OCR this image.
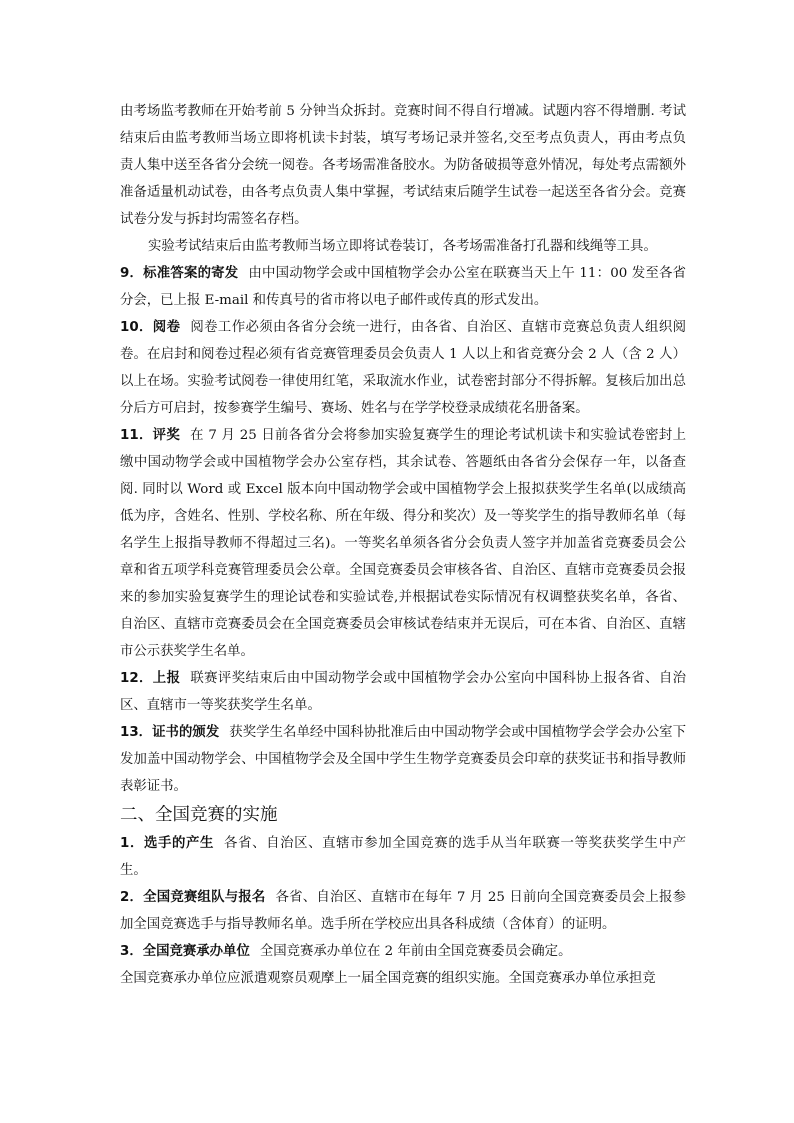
由考场监考教师在开始考前 5 分钟当众拆封。竞赛时间不得自行增减。试题内容不得增删. 考试结束后由监考教师当场立即将机读卡封装，填写考场记录并签名,交至考点负责人，再由考点负责人集中送至各省分会统一阅卷。各考场需准备胶水。为防备破损等意外情况，每处考点需额外准备适量机动试卷，由各考点负责人集中掌握，考试结束后随学生试卷一起送至各省分会。竞赛试卷分发与拆封均需签名存档。

实验考试结束后由监考教师当场立即将试卷装订，各考场需准备打孔器和线绳等工具。

9．标准答案的寄发 由中国动物学会或中国植物学会办公室在联赛当天上午 11：00 发至各省分会，已上报 E-mail 和传真号的省市将以电子邮件或传真的形式发出。

10．阅卷 阅卷工作必须由各省分会统一进行，由各省、自治区、直辖市竞赛总负责人组织阅卷。在启封和阅卷过程必须有省竞赛管理委员会负责人 1 人以上和省竞赛分会 2 人（含 2 人）以上在场。实验考试阅卷一律使用红笔，采取流水作业，试卷密封部分不得拆解。复核后加出总分后方可启封，按参赛学生编号、赛场、姓名与在学学校登录成绩花名册备案。

11．评奖 在 7 月 25 日前各省分会将参加实验复赛学生的理论考试机读卡和实验试卷密封上缴中国动物学会或中国植物学会办公室存档，其余试卷、答题纸由各省分会保存一年，以备查阅. 同时以 Word 或 Excel 版本向中国动物学会或中国植物学会上报拟获奖学生名单(以成绩高低为序，含姓名、性别、学校名称、所在年级、得分和奖次）及一等奖学生的指导教师名单（每名学生上报指导教师不得超过三名)。一等奖名单须各省分会负责人签字并加盖省竞赛委员会公章和省五项学科竞赛管理委员会公章。全国竞赛委员会审核各省、自治区、直辖市竞赛委员会报来的参加实验复赛学生的理论试卷和实验试卷,并根据试卷实际情况有权调整获奖名单，各省、自治区、直辖市竞赛委员会在全国竞赛委员会审核试卷结束并无误后，可在本省、自治区、直辖市公示获奖学生名单。

12．上报 联赛评奖结束后由中国动物学会或中国植物学会办公室向中国科协上报各省、自治区、直辖市一等奖获奖学生名单。

13．证书的颁发 获奖学生名单经中国科协批准后由中国动物学会或中国植物学会学会办公室下发加盖中国动物学会、中国植物学会及全国中学生生物学竞赛委员会印章的获奖证书和指导教师表彰证书。

二、全国竞赛的实施

1．选手的产生 各省、自治区、直辖市参加全国竞赛的选手从当年联赛一等奖获奖学生中产生。

2．全国竞赛组队与报名 各省、自治区、直辖市在每年 7 月 25 日前向全国竞赛委员会上报参加全国竞赛选手与指导教师名单。选手所在学校应出具各科成绩（含体育）的证明。

3．全国竞赛承办单位 全国竞赛承办单位在 2 年前由全国竞赛委员会确定。

全国竞赛承办单位应派遣观察员观摩上一届全国竞赛的组织实施。全国竞赛承办单位承担竞
